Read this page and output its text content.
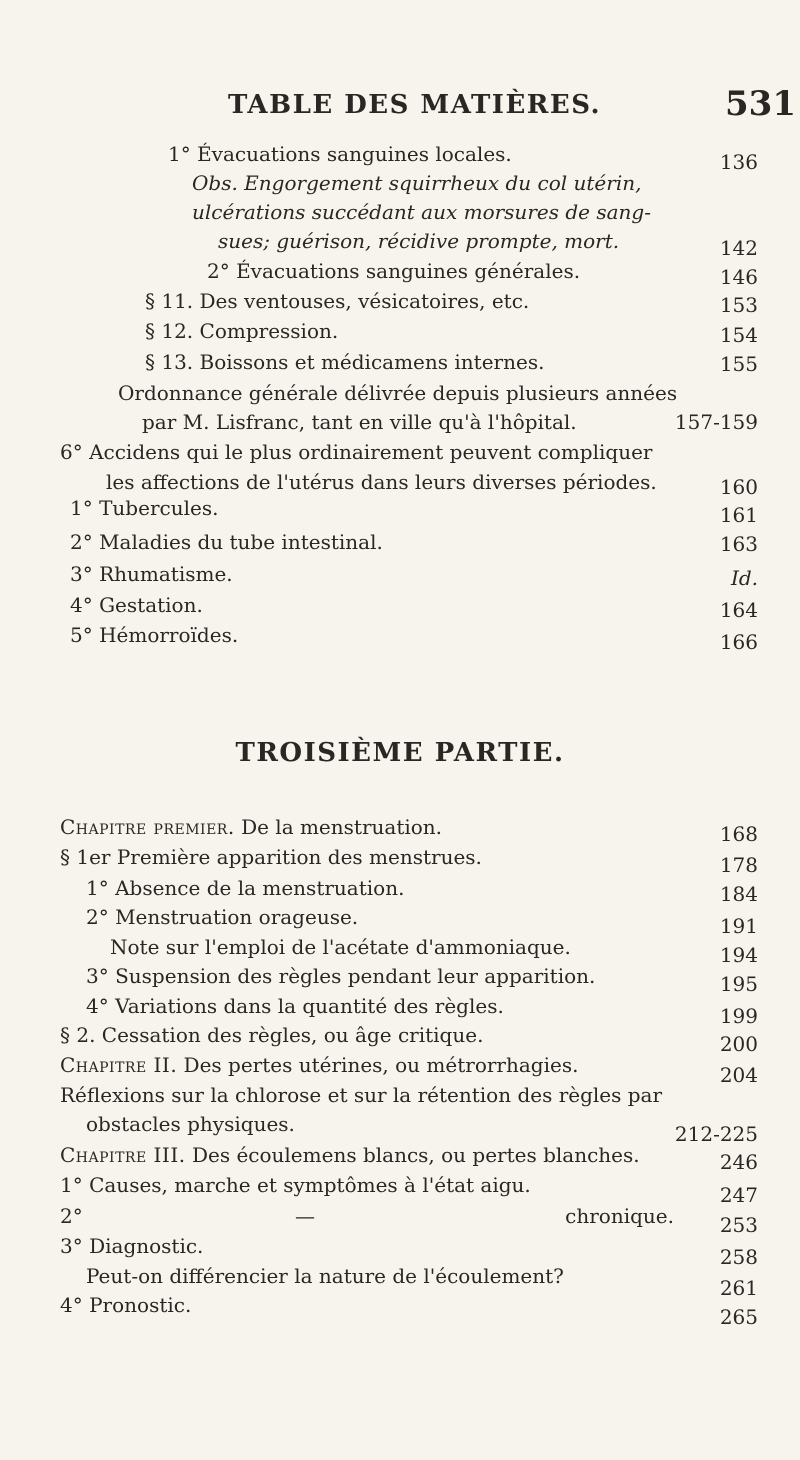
TABLE DES MATIÈRES.	531
1° Évacuations sanguines locales.	136
Obs. Engorgement squirrheux du col utérin,
ulcérations succédant aux morsures de sang-
sues; guérison, récidive prompte, mort.	142
2° Évacuations sanguines générales.	146
§ 11. Des ventouses, vésicatoires, etc.	153
§ 12. Compression.	154
§ 13. Boissons et médicamens internes.	155
Ordonnance générale délivrée depuis plusieurs années
par M. Lisfranc, tant en ville qu'à l'hôpital.	157-159
6° Accidens qui le plus ordinairement peuvent compliquer
les affections de l'utérus dans leurs diverses périodes.	160
1° Tubercules.	161
2° Maladies du tube intestinal.	163
3° Rhumatisme.	Id.
4° Gestation.	164
5° Hémorroïdes.	166
TROISIÈME PARTIE.
Chapitre premier. De la menstruation.	168
§ 1er Première apparition des menstrues.	178
1° Absence de la menstruation.	184
2° Menstruation orageuse.	191
Note sur l'emploi de l'acétate d'ammoniaque.	194
3° Suspension des règles pendant leur apparition.	195
4° Variations dans la quantité des règles.	199
§ 2. Cessation des règles, ou âge critique.	200
Chapitre II. Des pertes utérines, ou métrorrhagies.	204
Réflexions sur la chlorose et sur la rétention des règles par
obstacles physiques.	212-225
Chapitre III. Des écoulemens blancs, ou pertes blanches.	246
1° Causes, marche et symptômes à l'état aigu.	247
2°	—	chronique.	253
3° Diagnostic.	258
Peut-on différencier la nature de l'écoulement?	261
4° Pronostic.	265
